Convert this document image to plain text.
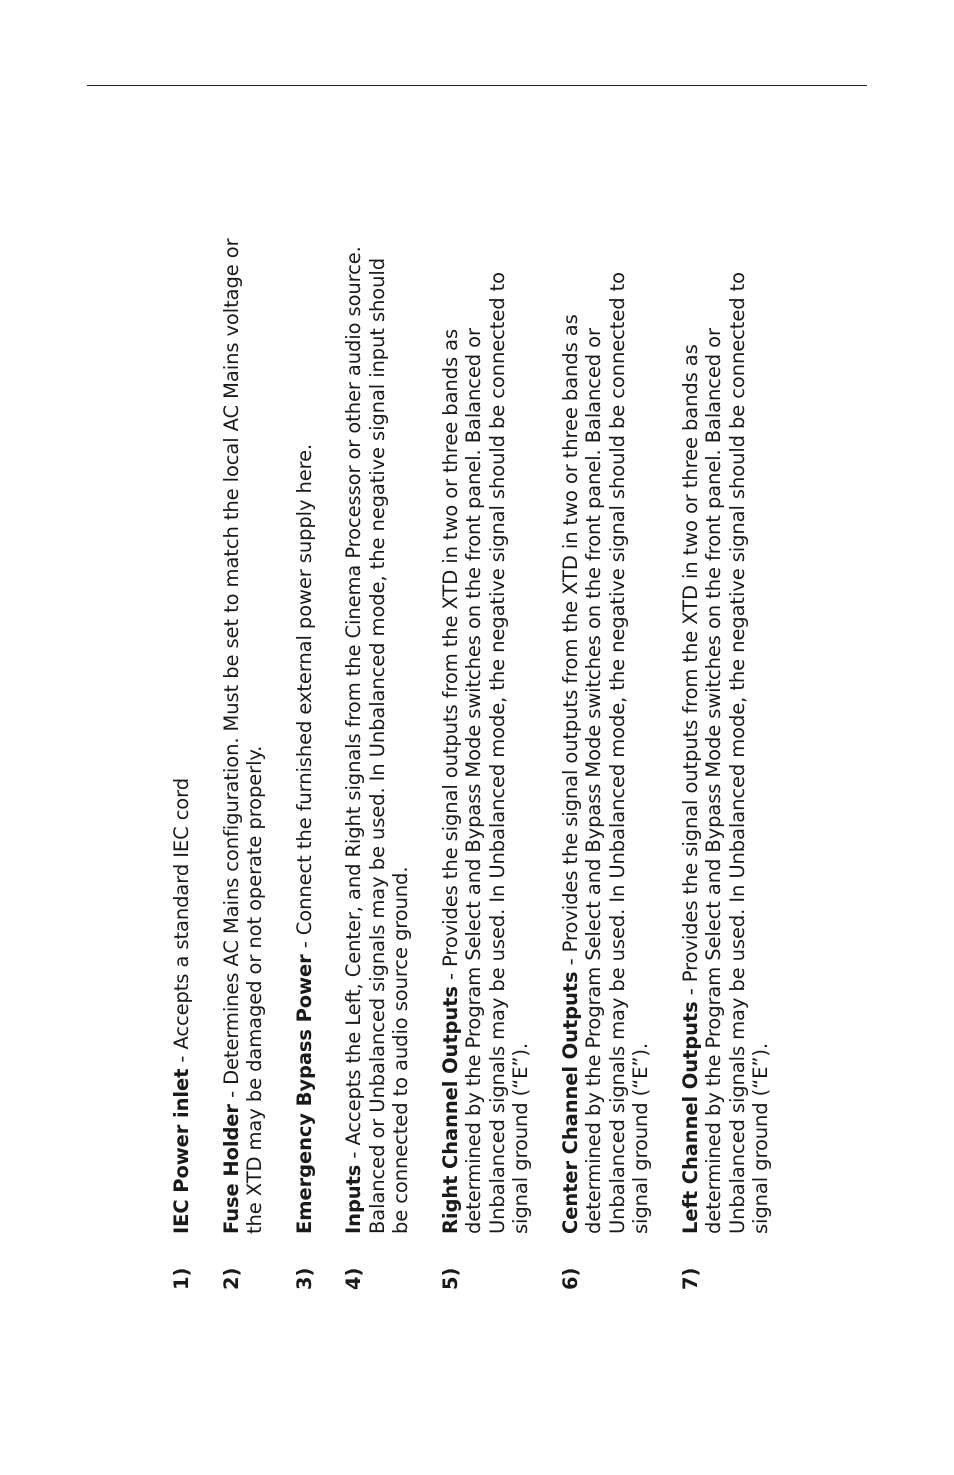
1)
IEC Power inlet - Accepts a standard IEC cord
2)
Fuse Holder - Determines AC Mains configuration. Must be set to match the local AC Mains voltage or the XTD may be damaged or not operate properly.
3)
Emergency Bypass Power - Connect the furnished external power supply here.
4)
Inputs - Accepts the Left, Center, and Right signals from the Cinema Processor or other audio source. Balanced or Unbalanced signals may be used. In Unbalanced mode, the negative signal input should be connected to audio source ground.
5)
Right Channel Outputs - Provides the signal outputs from the XTD in two or three bands as determined by the Program Select and Bypass Mode switches on the front panel. Balanced or Unbalanced signals may be used. In Unbalanced mode, the negative signal should be connected to signal ground (“E”).
6)
Center Channel Outputs - Provides the signal outputs from the XTD in two or three bands as determined by the Program Select and Bypass Mode switches on the front panel. Balanced or Unbalanced signals may be used. In Unbalanced mode, the negative signal should be connected to signal ground (“E”).
7)
Left Channel Outputs - Provides the signal outputs from the XTD in two or three bands as determined by the Program Select and Bypass Mode switches on the front panel. Balanced or Unbalanced signals may be used. In Unbalanced mode, the negative signal should be connected to signal ground (“E”).
